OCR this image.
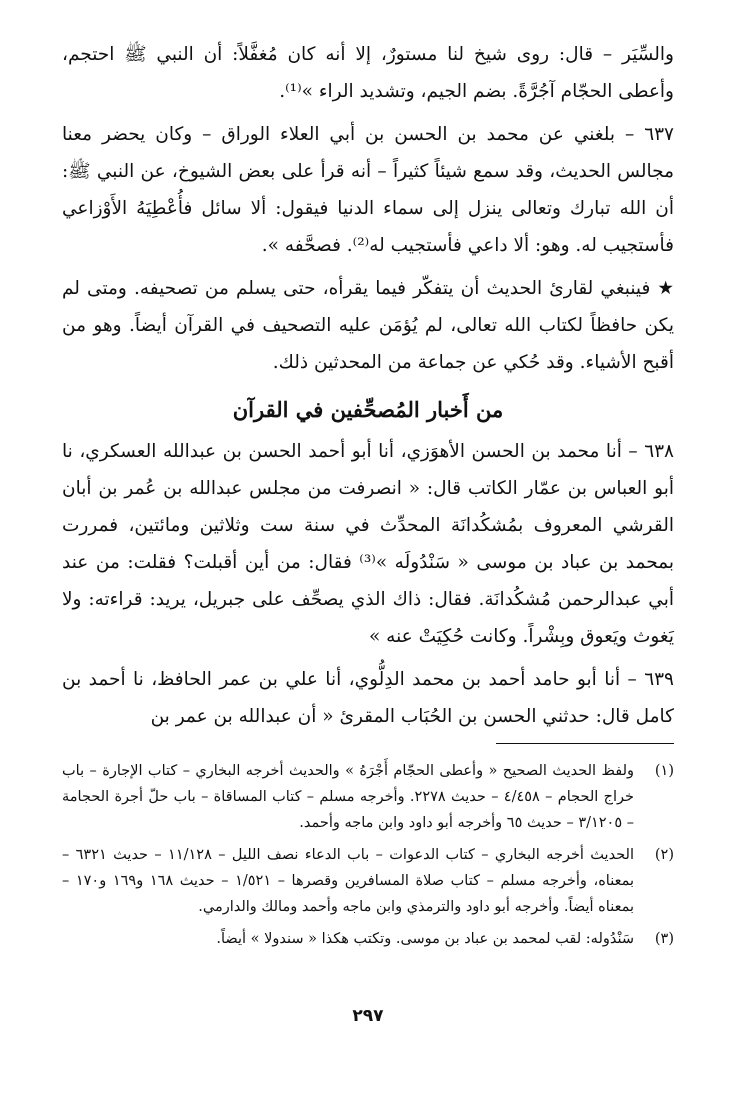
والسِّيَر – قال: روى شيخ لنا مستورٌ، إلا أنه كان مُغفَّلاً: أن النبي ﷺ احتجم، وأعطى الحجّام آجُرَّةً. بضم الجيم، وتشديد الراء »⁽¹⁾.

٦٣٧ – بلغني عن محمد بن الحسن بن أبي العلاء الوراق – وكان يحضر معنا مجالس الحديث، وقد سمع شيئاً كثيراً – أنه قرأ على بعض الشيوخ، عن النبي ﷺ: أن الله تبارك وتعالى ينزل إلى سماء الدنيا فيقول: ألا سائل فأُعْطِيَهُ الأَوْزاعي فأستجيب له. وهو: ألا داعي فأستجيب له⁽²⁾. فصحَّفه ».

★ فينبغي لقارئ الحديث أن يتفكّر فيما يقرأه، حتى يسلم من تصحيفه. ومتى لم يكن حافظاً لكتاب الله تعالى، لم يُؤمَن عليه التصحيف في القرآن أيضاً. وهو من أقبح الأشياء. وقد حُكي عن جماعة من المحدثين ذلك.

من أَخبار المُصحِّفين في القرآن

٦٣٨ – أنا محمد بن الحسن الأهوَزي، أنا أبو أحمد الحسن بن عبدالله العسكري، نا أبو العباس بن عمّار الكاتب قال: « انصرفت من مجلس عبدالله بن عُمر بن أبان القرشي المعروف بمُشكُدانَة المحدِّث في سنة ست وثلاثين ومائتين، فمررت بمحمد بن عباد بن موسى « سَنْدُولَه »⁽³⁾ فقال: من أين أقبلت؟ فقلت: من عند أبي عبدالرحمن مُشكُدانَة. فقال: ذاك الذي يصحِّف على جبريل، يريد: قراءته: ولا يَغوث ويَعوق وبِشْراً. وكانت حُكِيَتْ عنه »

٦٣٩ – أنا أبو حامد أحمد بن محمد الدِلُّوي، أنا علي بن عمر الحافظ، نا أحمد بن كامل قال: حدثني الحسن بن الحُبَاب المقرئ « أن عبدالله بن عمر بن

(١)
ولفظ الحديث الصحيح « وأعطى الحجّام أَجْرَهُ » والحديث أخرجه البخاري – كتاب الإجارة – باب خراج الحجام – ٤/٤٥٨ – حديث ٢٢٧٨. وأخرجه مسلم – كتاب المساقاة – باب حلّ أجرة الحجامة – ٣/١٢٠٥ – حديث ٦٥ وأخرجه أبو داود وابن ماجه وأحمد.
(٢)
الحديث أخرجه البخاري – كتاب الدعوات – باب الدعاء نصف الليل – ١١/١٢٨ – حديث ٦٣٢١ – بمعناه، وأخرجه مسلم – كتاب صلاة المسافرين وقصرها – ١/٥٢١ – حديث ١٦٨ و١٦٩ و١٧٠ – بمعناه أيضاً. وأخرجه أبو داود والترمذي وابن ماجه وأحمد ومالك والدارمي.
(٣)
سَنْدُوله: لقب لمحمد بن عباد بن موسى. وتكتب هكذا « سندولا » أيضاً.
٢٩٧
